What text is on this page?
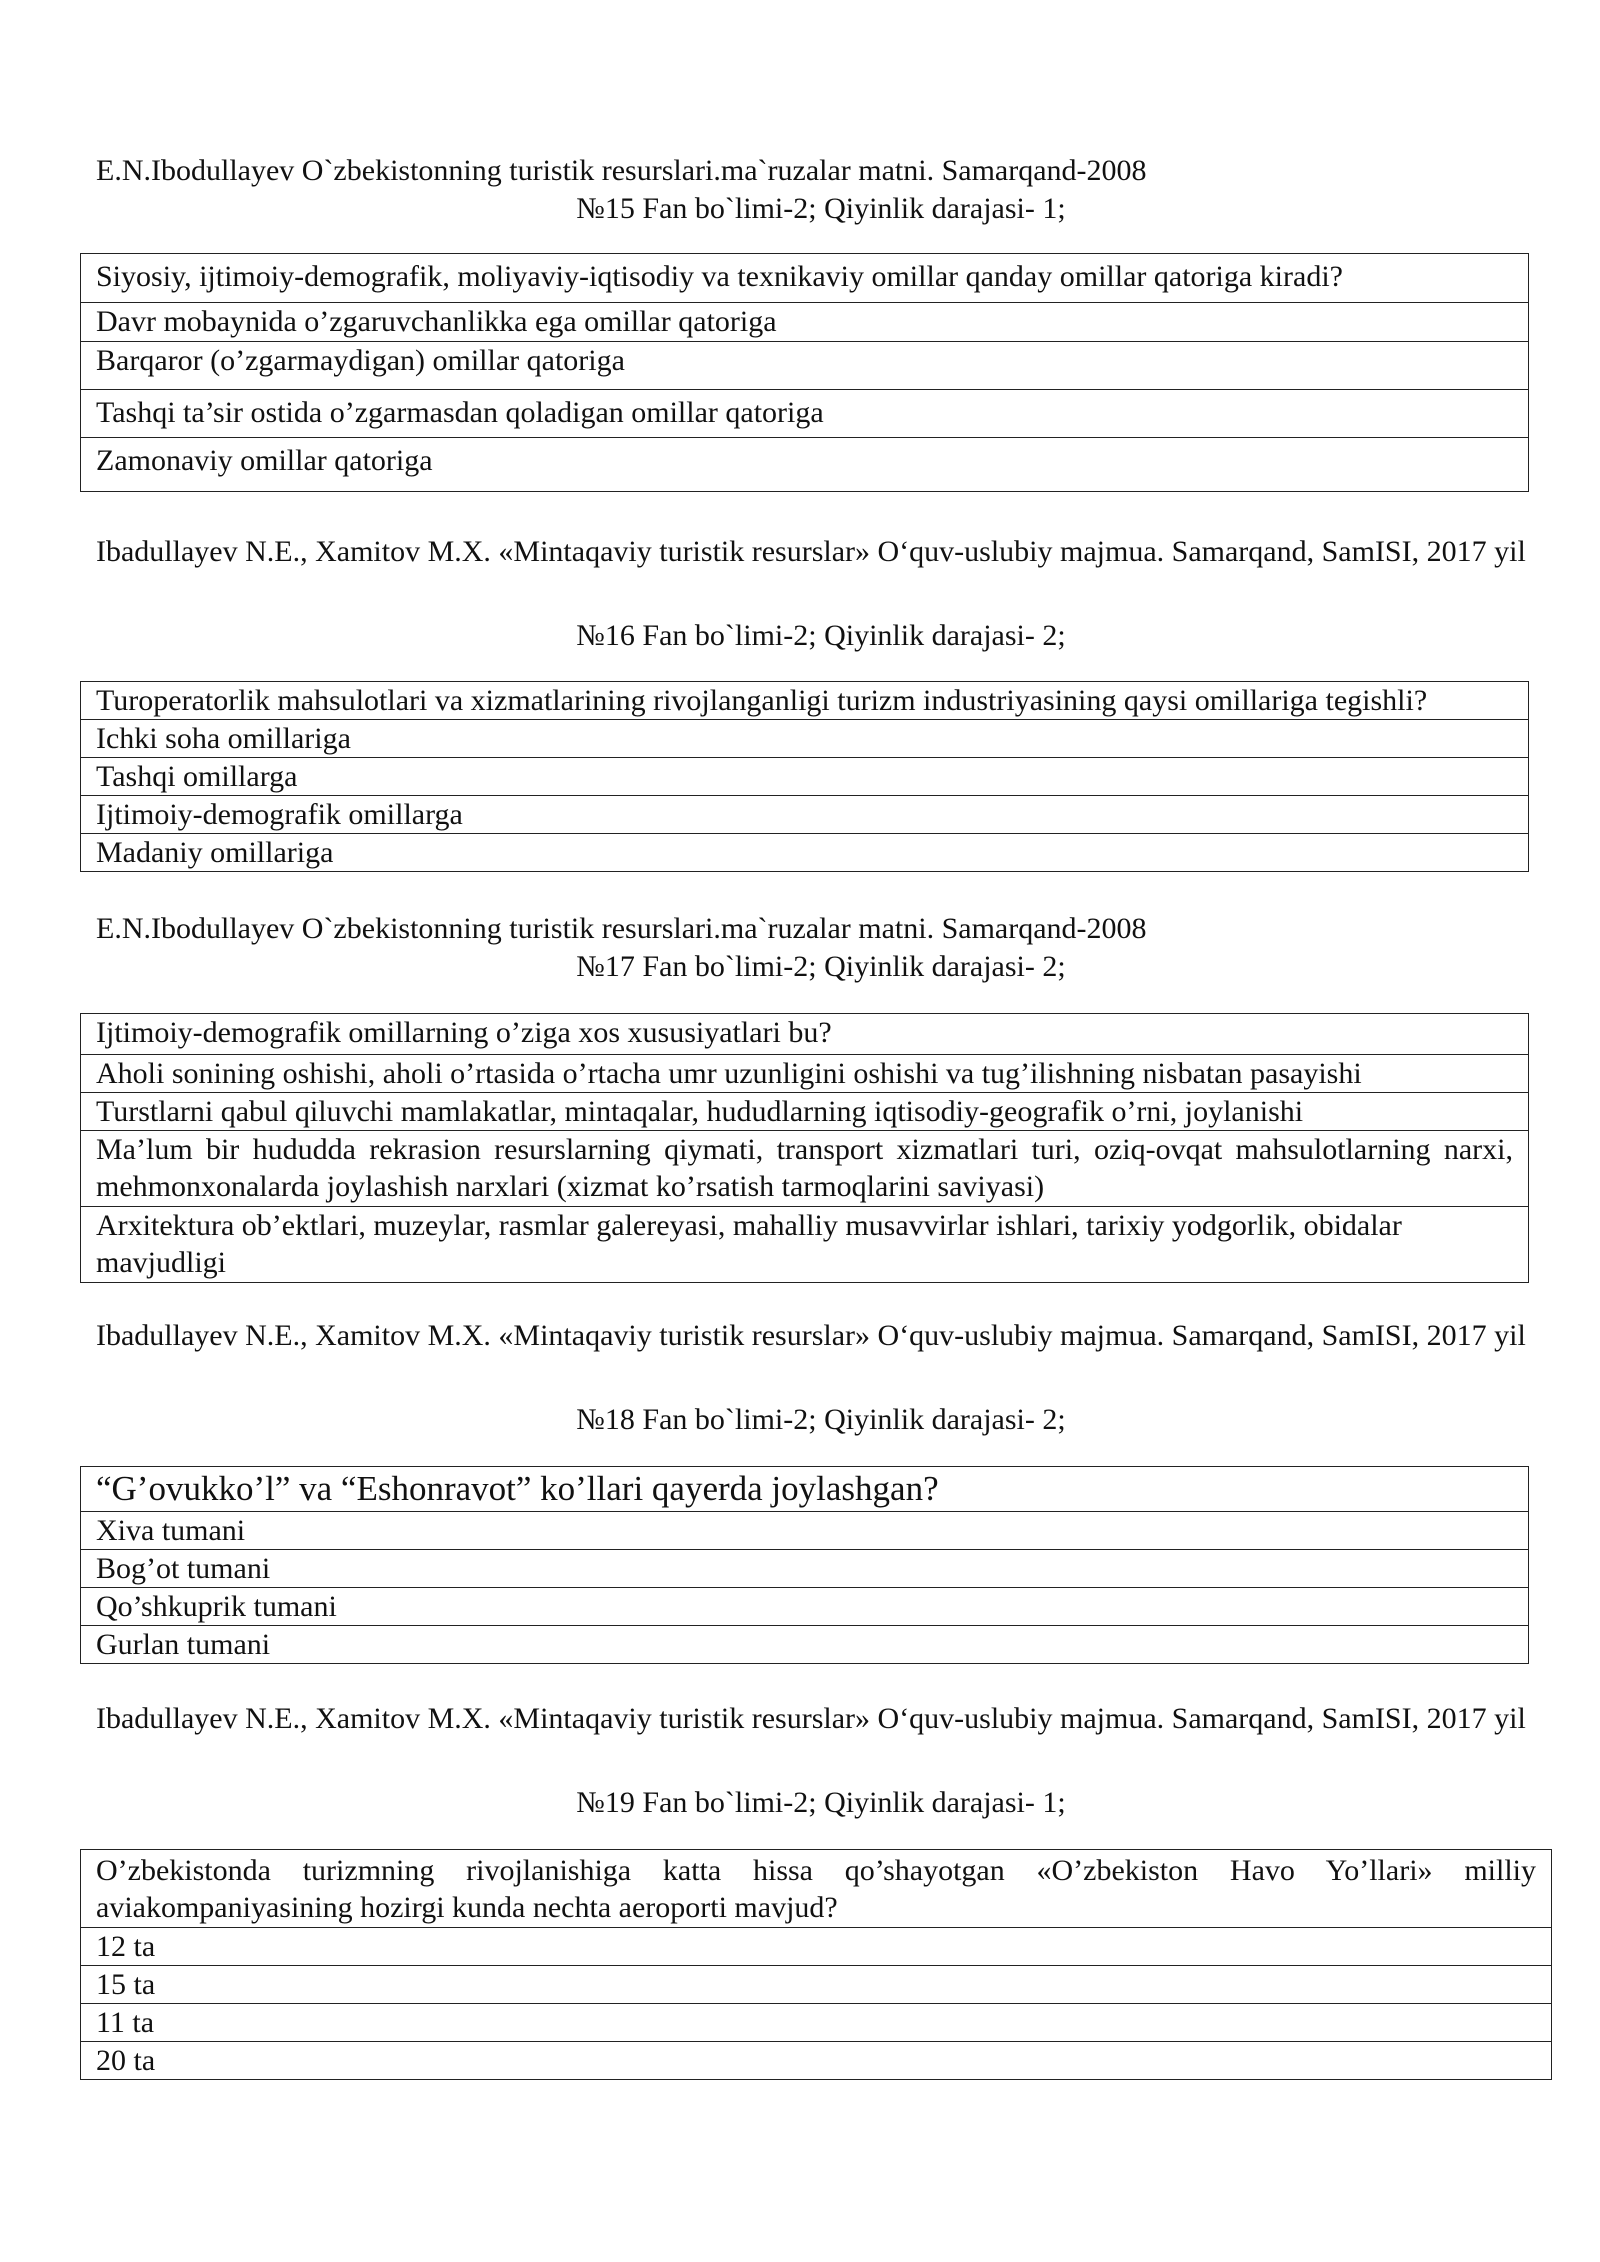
E.N.Ibodullayev O`zbekistonning turistik resurslari.ma`ruzalar matni. Samarqand-2008

№15 Fan bo`limi-2; Qiyinlik darajasi- 1;

Siyosiy, ijtimoiy-demografik, moliyaviy-iqtisodiy va texnikaviy omillar qanday omillar qatoriga kiradi?
Davr mobaynida o’zgaruvchanlikka ega omillar qatoriga
Barqaror (o’zgarmaydigan) omillar qatoriga
Tashqi ta’sir ostida o’zgarmasdan qoladigan omillar qatoriga
Zamonaviy omillar qatoriga

Ibadullayev N.E., Xamitov M.X. «Mintaqaviy turistik resurslar» O‘quv-uslubiy majmua. Samarqand, SamISI, 2017 yil

№16 Fan bo`limi-2; Qiyinlik darajasi- 2;

Turoperatorlik mahsulotlari va xizmatlarining rivojlanganligi turizm industriyasining qaysi omillariga tegishli?
Ichki soha omillariga
Tashqi omillarga
Ijtimoiy-demografik omillarga
Madaniy omillariga

E.N.Ibodullayev O`zbekistonning turistik resurslari.ma`ruzalar matni. Samarqand-2008

№17 Fan bo`limi-2; Qiyinlik darajasi- 2;

Ijtimoiy-demografik omillarning o’ziga xos xususiyatlari bu?
Aholi sonining oshishi, aholi o’rtasida o’rtacha umr uzunligini oshishi va tug’ilishning nisbatan pasayishi
Turstlarni qabul qiluvchi mamlakatlar, mintaqalar, hududlarning iqtisodiy-geografik o’rni, joylanishi
Ma’lum bir hududda rekrasion resurslarning qiymati, transport xizmatlari turi, oziq-ovqat mahsulotlarning narxi, mehmonxonalarda joylashish narxlari (xizmat ko’rsatish tarmoqlarini saviyasi)
Arxitektura ob’ektlari, muzeylar, rasmlar galereyasi, mahalliy musavvirlar ishlari, tarixiy yodgorlik, obidalar mavjudligi

Ibadullayev N.E., Xamitov M.X. «Mintaqaviy turistik resurslar» O‘quv-uslubiy majmua. Samarqand, SamISI, 2017 yil

№18 Fan bo`limi-2; Qiyinlik darajasi- 2;

“G’ovukko’l” va “Eshonravot” ko’llari qayerda joylashgan?
Xiva tumani
Bog’ot tumani
Qo’shkuprik tumani
Gurlan tumani

Ibadullayev N.E., Xamitov M.X. «Mintaqaviy turistik resurslar» O‘quv-uslubiy majmua. Samarqand, SamISI, 2017 yil

№19 Fan bo`limi-2; Qiyinlik darajasi- 1;

O’zbekistonda turizmning rivojlanishiga katta hissa qo’shayotgan «O’zbekiston Havo Yo’llari» milliy aviakompaniyasining hozirgi kunda nechta aeroporti mavjud?
12 ta
15 ta
11 ta
20 ta
